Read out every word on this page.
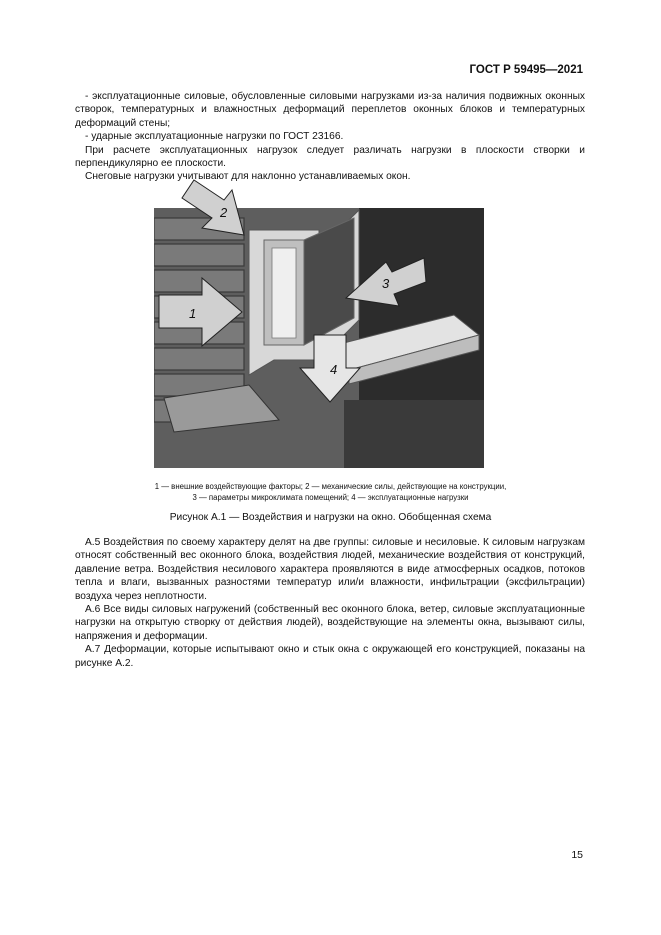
ГОСТ Р 59495—2021

- эксплуатационные силовые, обусловленные силовыми нагрузками из-за наличия подвижных оконных створок, температурных и влажностных деформаций переплетов оконных блоков и температурных деформаций стены;

- ударные эксплуатационные нагрузки по ГОСТ 23166.

При расчете эксплуатационных нагрузок следует различать нагрузки в плоскости створки и перпендикулярно ее плоскости.

Снеговые нагрузки учитывают для наклонно устанавливаемых окон.

2
1
3
4
1 — внешние воздействующие факторы; 2 — механические силы, действующие на конструкции,
3 — параметры микроклимата помещений; 4 — эксплуатационные нагрузки
Рисунок А.1 — Воздействия и нагрузки на окно. Обобщенная схема

А.5 Воздействия по своему характеру делят на две группы: силовые и несиловые. К силовым нагрузкам относят собственный вес оконного блока, воздействия людей, механические воздействия от конструкций, давление ветра. Воздействия несилового характера проявляются в виде атмосферных осадков, потоков тепла и влаги, вызванных разностями температур или/и влажности, инфильтрации (эксфильтрации) воздуха через неплотности.

А.6 Все виды силовых нагружений (собственный вес оконного блока, ветер, силовые эксплуатационные нагрузки на открытую створку от действия людей), воздействующие на элементы окна, вызывают силы, напряжения и деформации.

А.7 Деформации, которые испытывают окно и стык окна с окружающей его конструкцией, показаны на рисунке А.2.

15
